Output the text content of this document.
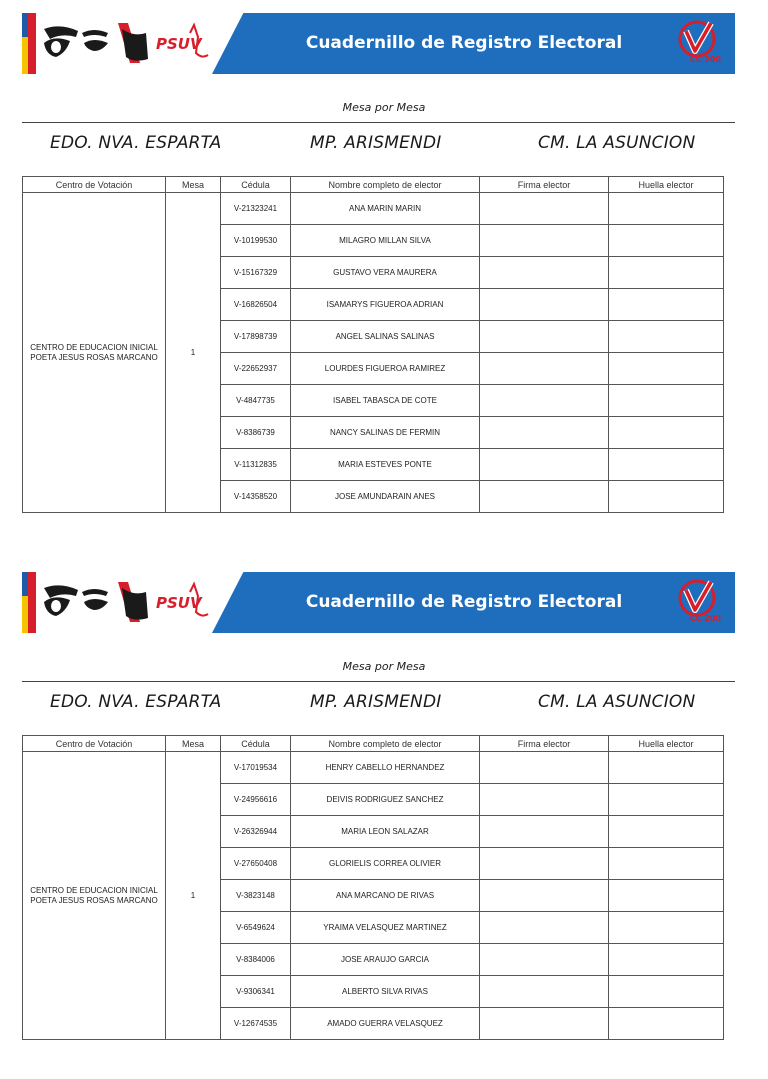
PSUV	Cuadernillo de Registro Electoral
CC 200
Mesa por Mesa
EDO. NVA. ESPARTA	MP. ARISMENDI	CM. LA ASUNCION
Centro de Votación	Mesa	Cédula	Nombre completo de elector	Firma elector	Huella elector
CENTRO DE EDUCACION INICIAL POETA JESUS ROSAS MARCANO	1	V-21323241	ANA MARIN MARIN		
		V-10199530	MILAGRO MILLAN SILVA		
		V-15167329	GUSTAVO VERA MAURERA		
		V-16826504	ISAMARYS FIGUEROA ADRIAN		
		V-17898739	ANGEL SALINAS SALINAS		
		V-22652937	LOURDES FIGUEROA RAMIREZ		
		V-4847735	ISABEL TABASCA DE COTE		
		V-8386739	NANCY SALINAS DE FERMIN		
		V-11312835	MARIA ESTEVES PONTE		
		V-14358520	JOSE AMUNDARAIN ANES		
PSUV	Cuadernillo de Registro Electoral
CC 200
Mesa por Mesa
EDO. NVA. ESPARTA	MP. ARISMENDI	CM. LA ASUNCION
Centro de Votación	Mesa	Cédula	Nombre completo de elector	Firma elector	Huella elector
CENTRO DE EDUCACION INICIAL POETA JESUS ROSAS MARCANO	1	V-17019534	HENRY CABELLO HERNANDEZ		
		V-24956616	DEIVIS RODRIGUEZ SANCHEZ		
		V-26326944	MARIA LEON SALAZAR		
		V-27650408	GLORIELIS CORREA OLIVIER		
		V-3823148	ANA MARCANO DE RIVAS		
		V-6549624	YRAIMA VELASQUEZ MARTINEZ		
		V-8384006	JOSE ARAUJO GARCIA		
		V-9306341	ALBERTO SILVA RIVAS		
		V-12674535	AMADO GUERRA VELASQUEZ		
